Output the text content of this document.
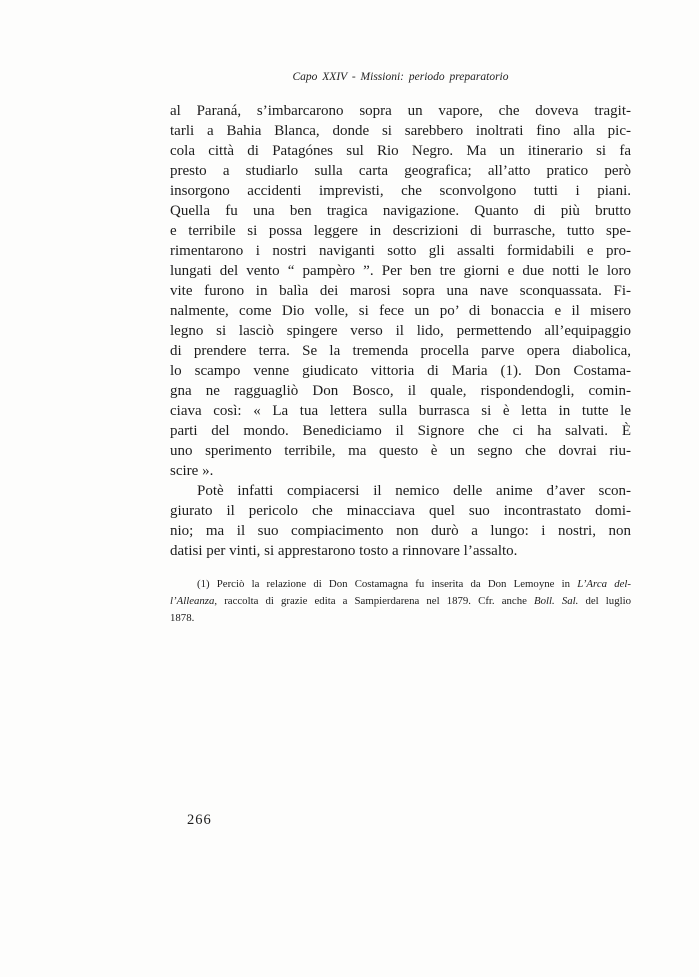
Capo XXIV - Missioni: periodo preparatorio
al Paraná, s’imbarcarono sopra un vapore, che doveva tragit-
tarli a Bahia Blanca, donde si sarebbero inoltrati fino alla pic-
cola città di Patagónes sul Rio Negro. Ma un itinerario si fa
presto a studiarlo sulla carta geografica; all’atto pratico però
insorgono accidenti imprevisti, che sconvolgono tutti i piani.
Quella fu una ben tragica navigazione. Quanto di più brutto
e terribile si possa leggere in descrizioni di burrasche, tutto spe-
rimentarono i nostri naviganti sotto gli assalti formidabili e pro-
lungati del vento “ pampèro ”. Per ben tre giorni e due notti le loro
vite furono in balìa dei marosi sopra una nave sconquassata. Fi-
nalmente, come Dio volle, si fece un po’ di bonaccia e il misero
legno si lasciò spingere verso il lido, permettendo all’equipaggio
di prendere terra. Se la tremenda procella parve opera diabolica,
lo scampo venne giudicato vittoria di Maria (1). Don Costama-
gna ne ragguagliò Don Bosco, il quale, rispondendogli, comin-
ciava così: « La tua lettera sulla burrasca si è letta in tutte le
parti del mondo. Benediciamo il Signore che ci ha salvati. È
uno sperimento terribile, ma questo è un segno che dovrai riu-
scire ».
Potè infatti compiacersi il nemico delle anime d’aver scon-
giurato il pericolo che minacciava quel suo incontrastato domi-
nio; ma il suo compiacimento non durò a lungo: i nostri, non
datisi per vinti, si apprestarono tosto a rinnovare l’assalto.
(1) Perciò la relazione di Don Costamagna fu inserita da Don Lemoyne in L’Arca del-
l’Alleanza, raccolta di grazie edita a Sampierdarena nel 1879. Cfr. anche Boll. Sal. del luglio
1878.
266
